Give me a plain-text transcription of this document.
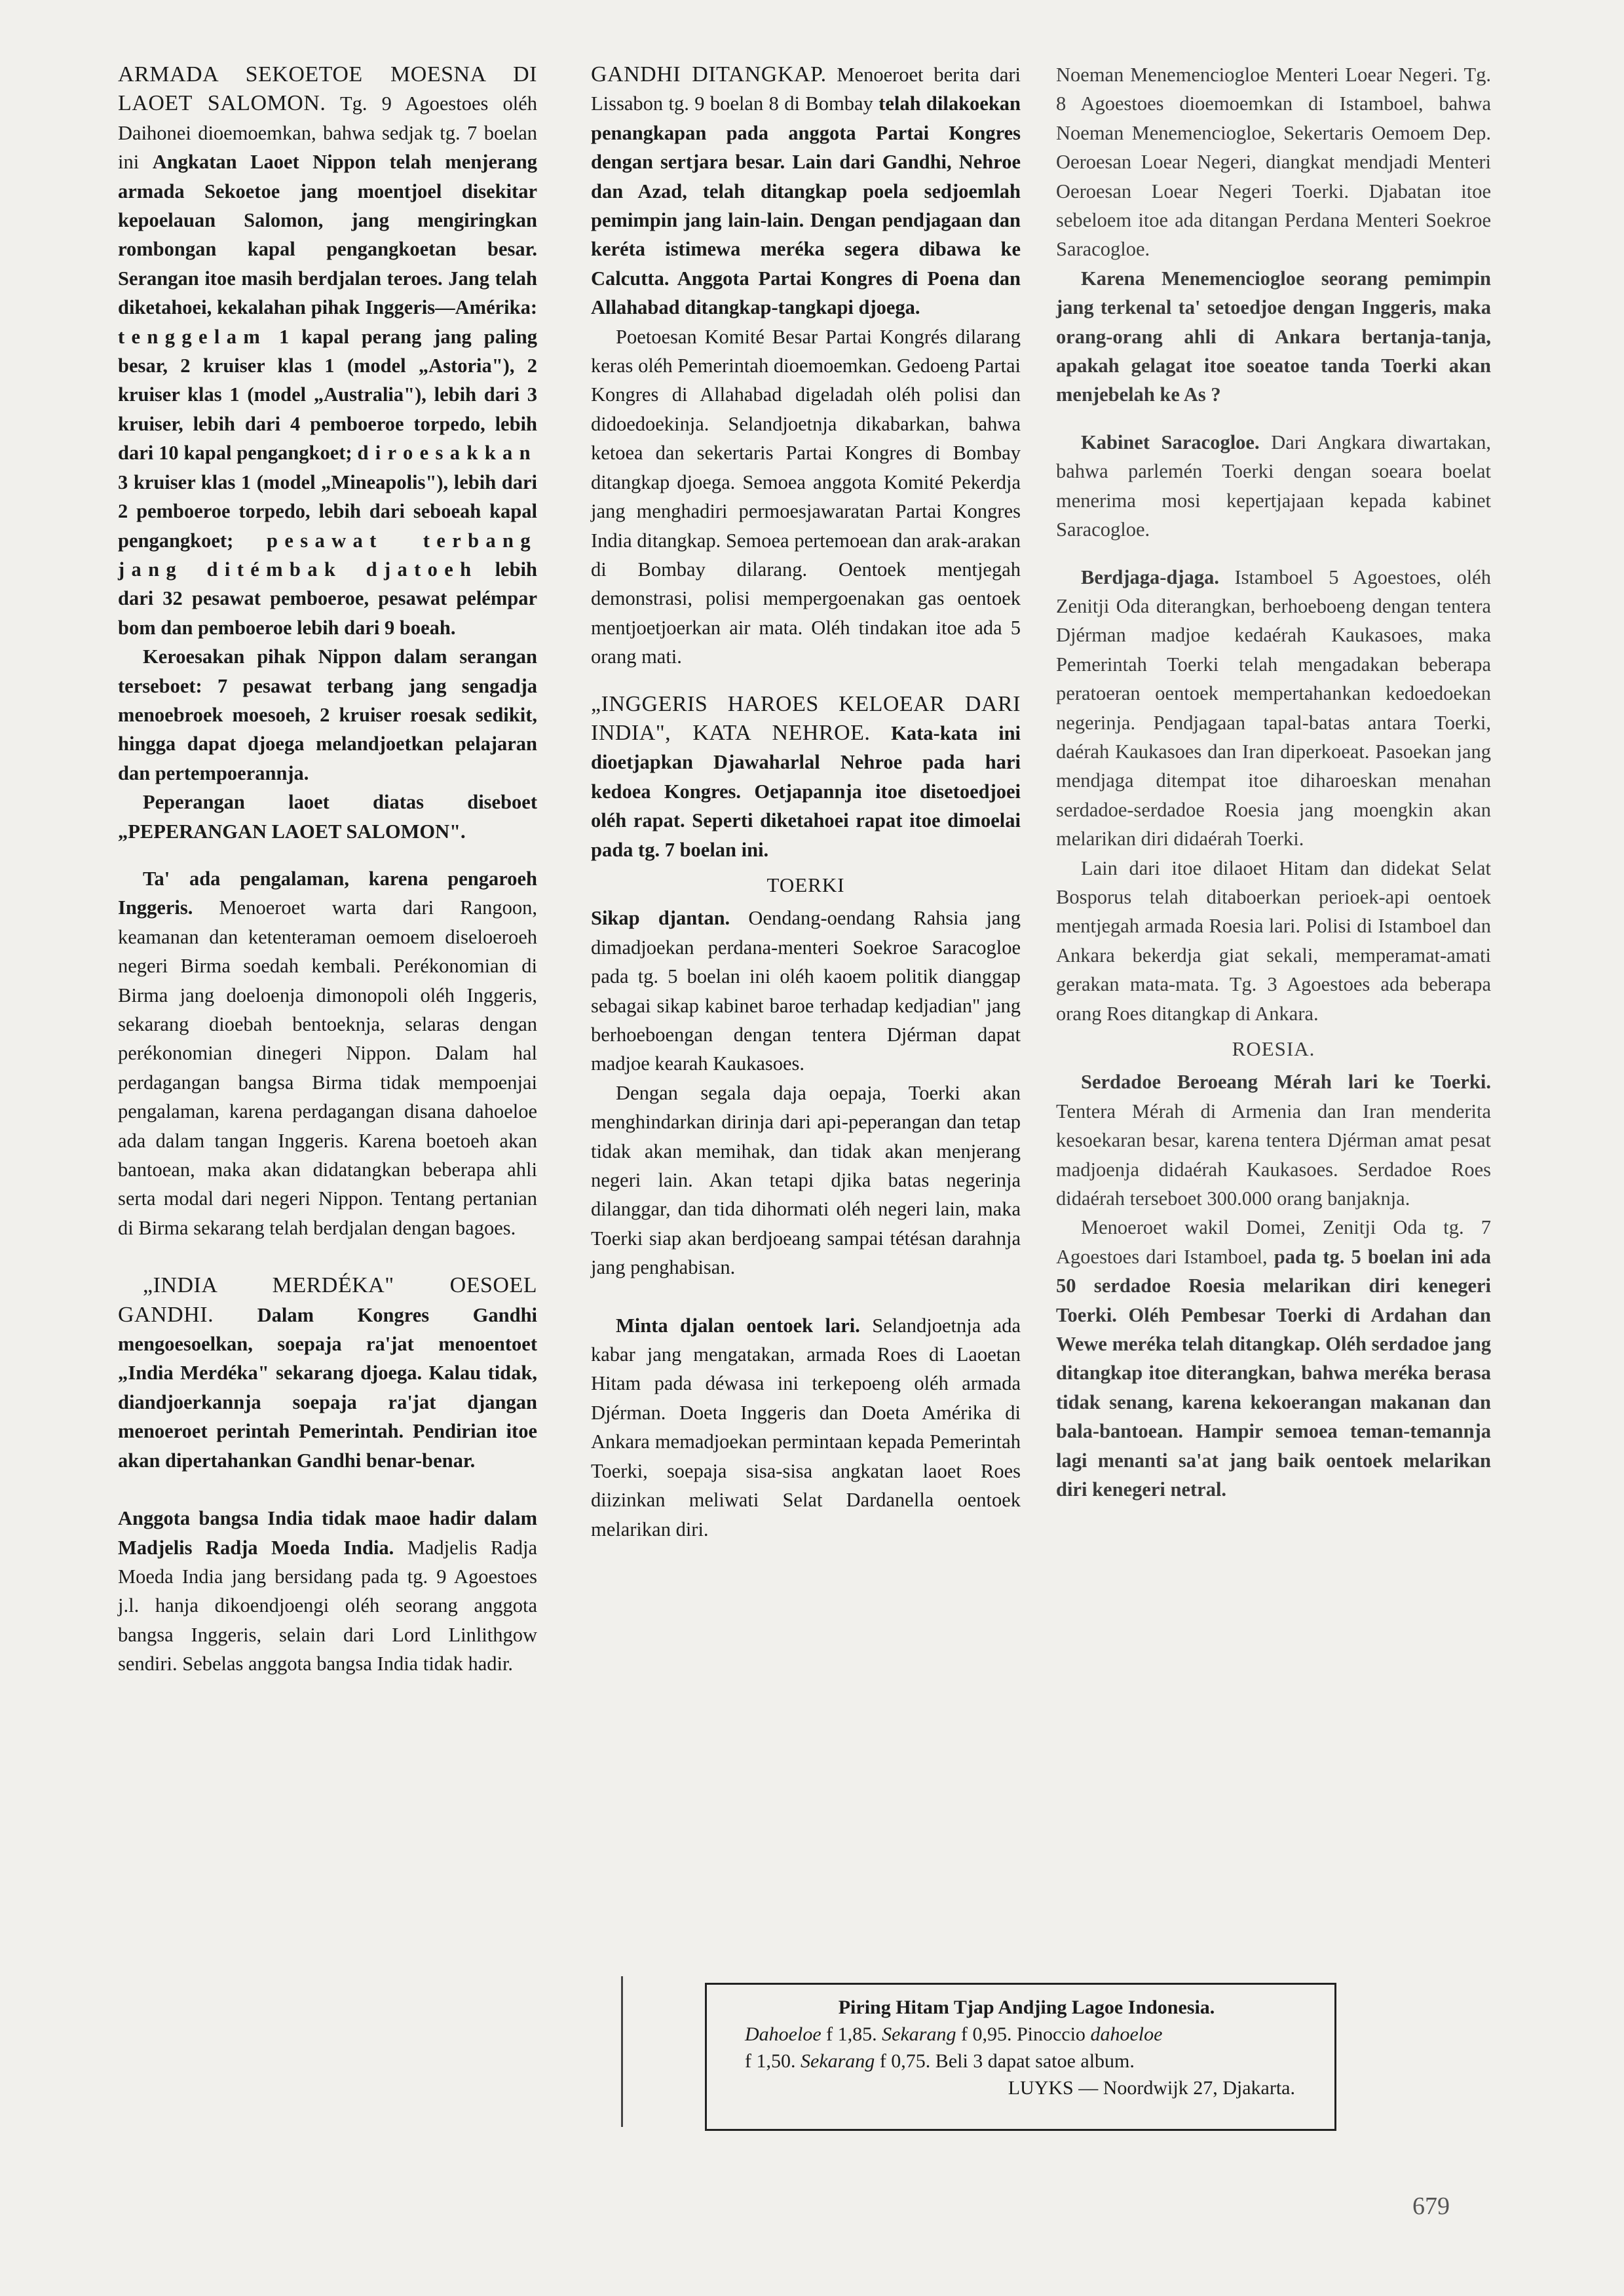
ARMADA SEKOETOE MOESNA DI LAOET SALOMON. Tg. 9 Agoestoes oléh Daihonei dioemoemkan, bahwa sedjak tg. 7 boelan ini Angkatan Laoet Nippon telah menjerang armada Sekoetoe jang moentjoel disekitar kepoelauan Salomon, jang mengiringkan rombongan kapal pengangkoetan besar. Serangan itoe masih berdjalan teroes. Jang telah diketahoei, kekalahan pihak Inggeris—Amérika: tenggelam 1 kapal perang jang paling besar, 2 kruiser klas 1 (model „Astoria"), 2 kruiser klas 1 (model „Australia"), lebih dari 3 kruiser, lebih dari 4 pemboeroe torpedo, lebih dari 10 kapal pengangkoet; diroesakkan 3 kruiser klas 1 (model „Mineapolis"), lebih dari 2 pemboeroe torpedo, lebih dari seboeah kapal pengangkoet; pesawat terbang jang ditémbak djatoeh lebih dari 32 pesawat pemboeroe, pesawat pelémpar bom dan pemboeroe lebih dari 9 boeah.

Keroesakan pihak Nippon dalam serangan terseboet: 7 pesawat terbang jang sengadja menoebroek moesoeh, 2 kruiser roesak sedikit, hingga dapat djoega melandjoetkan pelajaran dan pertempoerannja.

Peperangan laoet diatas diseboet „PEPERANGAN LAOET SALOMON".

Ta' ada pengalaman, karena pengaroeh Inggeris. Menoeroet warta dari Rangoon, keamanan dan ketenteraman oemoem diseloeroeh negeri Birma soedah kembali. Perékonomian di Birma jang doeloenja dimonopoli oléh Inggeris, sekarang dioebah bentoeknja, selaras dengan perékonomian dinegeri Nippon. Dalam hal perdagangan bangsa Birma tidak mempoenjai pengalaman, karena perdagangan disana dahoeloe ada dalam tangan Inggeris. Karena boetoeh akan bantoean, maka akan didatangkan beberapa ahli serta modal dari negeri Nippon. Tentang pertanian di Birma sekarang telah berdjalan dengan bagoes.

„INDIA MERDÉKA" OESOEL GANDHI. Dalam Kongres Gandhi mengoesoelkan, soepaja ra'jat menoentoet „India Merdéka" sekarang djoega. Kalau tidak, diandjoerkannja soepaja ra'jat djangan menoeroet perintah Pemerintah. Pendirian itoe akan dipertahankan Gandhi benar-benar.

Anggota bangsa India tidak maoe hadir dalam Madjelis Radja Moeda India. Madjelis Radja Moeda India jang bersidang pada tg. 9 Agoestoes j.l. hanja dikoendjoengi oléh seorang anggota bangsa Inggeris, selain dari Lord Linlithgow sendiri. Sebelas anggota bangsa India tidak hadir.

GANDHI DITANGKAP. Menoeroet berita dari Lissabon tg. 9 boelan 8 di Bombay telah dilakoekan penangkapan pada anggota Partai Kongres dengan sertjara besar. Lain dari Gandhi, Nehroe dan Azad, telah ditangkap poela sedjoemlah pemimpin jang lain-lain. Dengan pendjagaan dan keréta istimewa meréka segera dibawa ke Calcutta. Anggota Partai Kongres di Poena dan Allahabad ditangkap-tangkapi djoega.

Poetoesan Komité Besar Partai Kongrés dilarang keras oléh Pemerintah dioemoemkan. Gedoeng Partai Kongres di Allahabad digeladah oléh polisi dan didoedoekinja. Selandjoetnja dikabarkan, bahwa ketoea dan sekertaris Partai Kongres di Bombay ditangkap djoega. Semoea anggota Komité Pekerdja jang menghadiri permoesjawaratan Partai Kongres India ditangkap. Semoea pertemoean dan arak-arakan di Bombay dilarang. Oentoek mentjegah demonstrasi, polisi mempergoenakan gas oentoek mentjoetjoerkan air mata. Oléh tindakan itoe ada 5 orang mati.

„INGGERIS HAROES KELOEAR DARI INDIA", KATA NEHROE. Kata-kata ini dioetjapkan Djawaharlal Nehroe pada hari kedoea Kongres. Oetjapannja itoe disetoedjoei oléh rapat. Seperti diketahoei rapat itoe dimoelai pada tg. 7 boelan ini.

TOERKI

Sikap djantan. Oendang-oendang Rahsia jang dimadjoekan perdana-menteri Soekroe Saracogloe pada tg. 5 boelan ini oléh kaoem politik dianggap sebagai sikap kabinet baroe terhadap kedjadian" jang berhoeboengan dengan tentera Djérman dapat madjoe kearah Kaukasoes.

Dengan segala daja oepaja, Toerki akan menghindarkan dirinja dari api-peperangan dan tetap tidak akan memihak, dan tidak akan menjerang negeri lain. Akan tetapi djika batas negerinja dilanggar, dan tida dihormati oléh negeri lain, maka Toerki siap akan berdjoeang sampai tétésan darahnja jang penghabisan.

Minta djalan oentoek lari. Selandjoetnja ada kabar jang mengatakan, armada Roes di Laoetan Hitam pada déwasa ini terkepoeng oléh armada Djérman. Doeta Inggeris dan Doeta Amérika di Ankara memadjoekan permintaan kepada Pemerintah Toerki, soepaja sisa-sisa angkatan laoet Roes diizinkan meliwati Selat Dardanella oentoek melarikan diri.

Noeman Menemenciogloe Menteri Loear Negeri. Tg. 8 Agoestoes dioemoemkan di Istamboel, bahwa Noeman Menemenciogloe, Sekertaris Oemoem Dep. Oeroesan Loear Negeri, diangkat mendjadi Menteri Oeroesan Loear Negeri Toerki. Djabatan itoe sebeloem itoe ada ditangan Perdana Menteri Soekroe Saracogloe.

Karena Menemenciogloe seorang pemimpin jang terkenal ta' setoedjoe dengan Inggeris, maka orang-orang ahli di Ankara bertanja-tanja, apakah gelagat itoe soeatoe tanda Toerki akan menjebelah ke As ?

Kabinet Saracogloe. Dari Angkara diwartakan, bahwa parlemén Toerki dengan soeara boelat menerima mosi kepertjajaan kepada kabinet Saracogloe.

Berdjaga-djaga. Istamboel 5 Agoestoes, oléh Zenitji Oda diterangkan, berhoeboeng dengan tentera Djérman madjoe kedaérah Kaukasoes, maka Pemerintah Toerki telah mengadakan beberapa peratoeran oentoek mempertahankan kedoedoekan negerinja. Pendjagaan tapal-batas antara Toerki, daérah Kaukasoes dan Iran diperkoeat. Pasoekan jang mendjaga ditempat itoe diharoeskan menahan serdadoe-serdadoe Roesia jang moengkin akan melarikan diri didaérah Toerki.

Lain dari itoe dilaoet Hitam dan didekat Selat Bosporus telah ditaboerkan perioek-api oentoek mentjegah armada Roesia lari. Polisi di Istamboel dan Ankara bekerdja giat sekali, memperamat-amati gerakan mata-mata. Tg. 3 Agoestoes ada beberapa orang Roes ditangkap di Ankara.

ROESIA.

Serdadoe Beroeang Mérah lari ke Toerki. Tentera Mérah di Armenia dan Iran menderita kesoekaran besar, karena tentera Djérman amat pesat madjoenja didaérah Kaukasoes. Serdadoe Roes didaérah terseboet 300.000 orang banjaknja.

Menoeroet wakil Domei, Zenitji Oda tg. 7 Agoestoes dari Istamboel, pada tg. 5 boelan ini ada 50 serdadoe Roesia melarikan diri kenegeri Toerki. Oléh Pembesar Toerki di Ardahan dan Wewe meréka telah ditangkap. Oléh serdadoe jang ditangkap itoe diterangkan, bahwa meréka berasa tidak senang, karena kekoerangan makanan dan bala-bantoean. Hampir semoea teman-temannja lagi menanti sa'at jang baik oentoek melarikan diri kenegeri netral.

Piring Hitam Tjap Andjing Lagoe Indonesia.
Dahoeloe f 1,85. Sekarang f 0,95. Pinoccio dahoeloe
f 1,50. Sekarang f 0,75. Beli 3 dapat satoe album.
LUYKS — Noordwijk 27, Djakarta.
679
